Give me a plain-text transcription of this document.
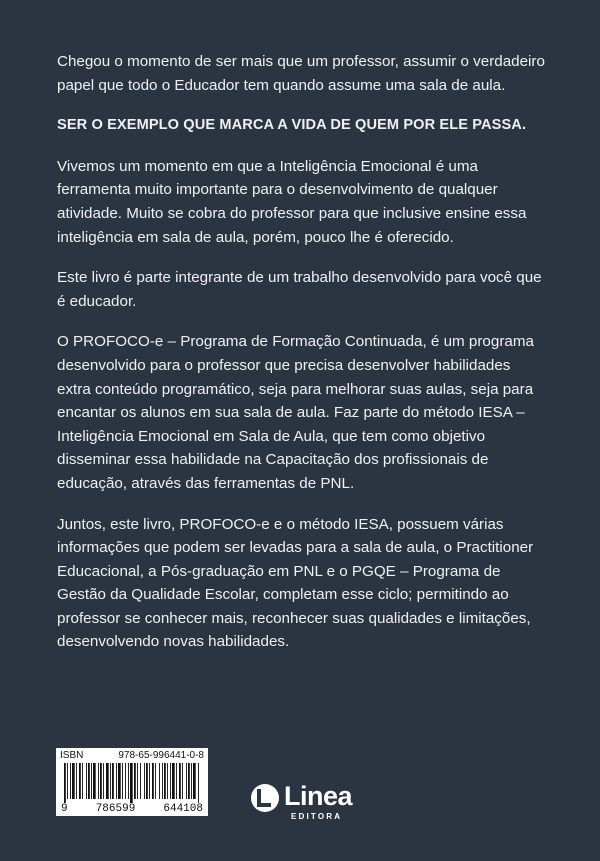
Chegou o momento de ser mais que um professor, assumir o verdadeiro papel que todo o Educador tem quando assume uma sala de aula.

SER O EXEMPLO QUE MARCA A VIDA DE QUEM POR ELE PASSA.

Vivemos um momento em que a Inteligência Emocional é uma ferramenta muito importante para o desenvolvimento de qualquer atividade. Muito se cobra do professor para que inclusive ensine essa inteligência em sala de aula, porém, pouco lhe é oferecido.

Este livro é parte integrante de um trabalho desenvolvido para você que é educador.

O PROFOCO-e – Programa de Formação Continuada, é um programa desenvolvido para o professor que precisa desenvolver habilidades extra conteúdo programático, seja para melhorar suas aulas, seja para encantar os alunos em sua sala de aula. Faz parte do método IESA – Inteligência Emocional em Sala de Aula, que tem como objetivo disseminar essa habilidade na Capacitação dos profissionais de educação, através das ferramentas de PNL.

Juntos, este livro, PROFOCO-e e o método IESA, possuem várias informações que podem ser levadas para a sala de aula, o Practitioner Educacional, a Pós-graduação em PNL e o PGQE – Programa de Gestão da Qualidade Escolar, completam esse ciclo; permitindo ao professor se conhecer mais, reconhecer suas qualidades e limitações, desenvolvendo novas habilidades.

ISBN	978-65-996441-0-8
9	786599	644108	Linea
EDITORA
